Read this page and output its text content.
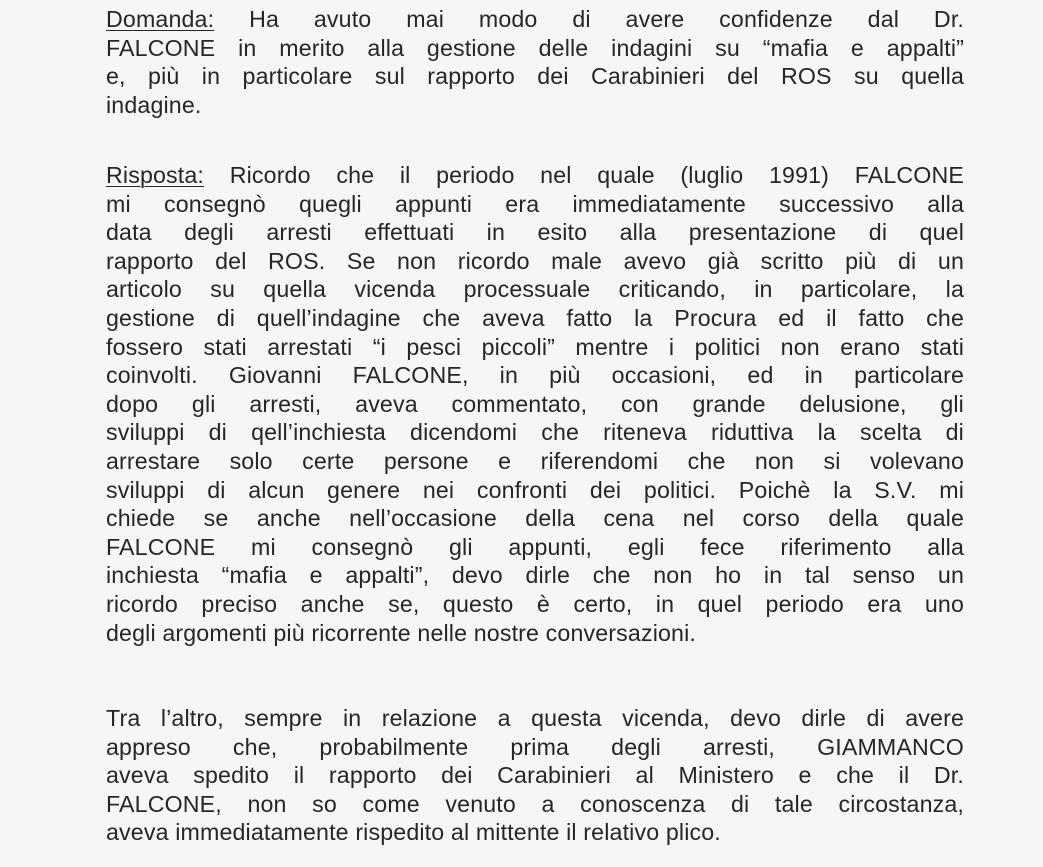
Domanda: Ha avuto mai modo di avere confidenze dal Dr.
FALCONE in merito alla gestione delle indagini su “mafia e appalti”
e, più in particolare sul rapporto dei Carabinieri del ROS su quella
indagine.
Risposta: Ricordo che il periodo nel quale (luglio 1991) FALCONE
mi consegnò quegli appunti era immediatamente successivo alla
data degli arresti effettuati in esito alla presentazione di quel
rapporto del ROS. Se non ricordo male avevo già scritto più di un
articolo su quella vicenda processuale criticando, in particolare, la
gestione di quell’indagine che aveva fatto la Procura ed il fatto che
fossero stati arrestati “i pesci piccoli” mentre i politici non erano stati
coinvolti. Giovanni FALCONE, in più occasioni, ed in particolare
dopo gli arresti, aveva commentato, con grande delusione, gli
sviluppi di qell’inchiesta dicendomi che riteneva riduttiva la scelta di
arrestare solo certe persone e riferendomi che non si volevano
sviluppi di alcun genere nei confronti dei politici. Poichè la S.V. mi
chiede se anche nell’occasione della cena nel corso della quale
FALCONE mi consegnò gli appunti, egli fece riferimento alla
inchiesta “mafia e appalti”, devo dirle che non ho in tal senso un
ricordo preciso anche se, questo è certo, in quel periodo era uno
degli argomenti più ricorrente nelle nostre conversazioni.
Tra l’altro, sempre in relazione a questa vicenda, devo dirle di avere
appreso che, probabilmente prima degli arresti, GIAMMANCO
aveva spedito il rapporto dei Carabinieri al Ministero e che il Dr.
FALCONE, non so come venuto a conoscenza di tale circostanza,
aveva immediatamente rispedito al mittente il relativo plico.
